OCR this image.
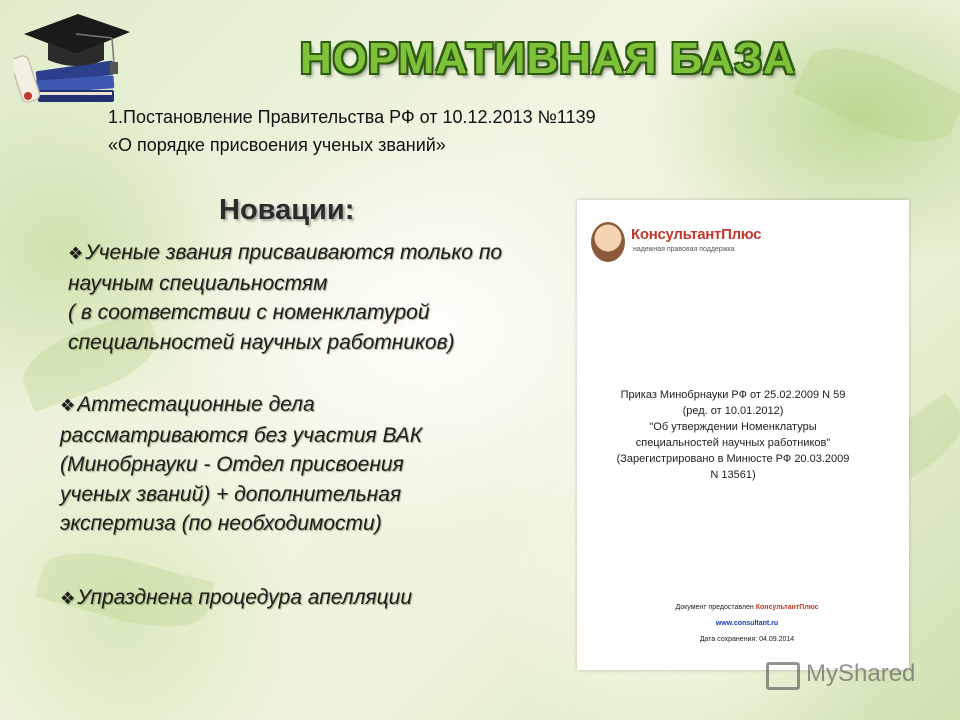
НОРМАТИВНАЯ БАЗА
1.Постановление Правительства РФ от 10.12.2013 №1139
«О порядке присвоения ученых званий»
Новации:
❖Ученые звания присваиваются только по
научным специальностям
( в соответствии с номенклатурой
специальностей научных работников)
❖Аттестационные дела
рассматриваются без участия ВАК
(Минобрнауки - Отдел присвоения
ученых званий) + дополнительная
экспертиза (по необходимости)
❖Упразднена процедура апелляции
КонсультантПлюс
надежная правовая поддержка
Приказ Минобрнауки РФ от 25.02.2009 N 59
(ред. от 10.01.2012)
"Об утверждении Номенклатуры
специальностей научных работников"
(Зарегистрировано в Минюсте РФ 20.03.2009
N 13561)
Документ предоставлен КонсультантПлюс
www.consultant.ru
Дата сохранения: 04.09.2014
MyShared
